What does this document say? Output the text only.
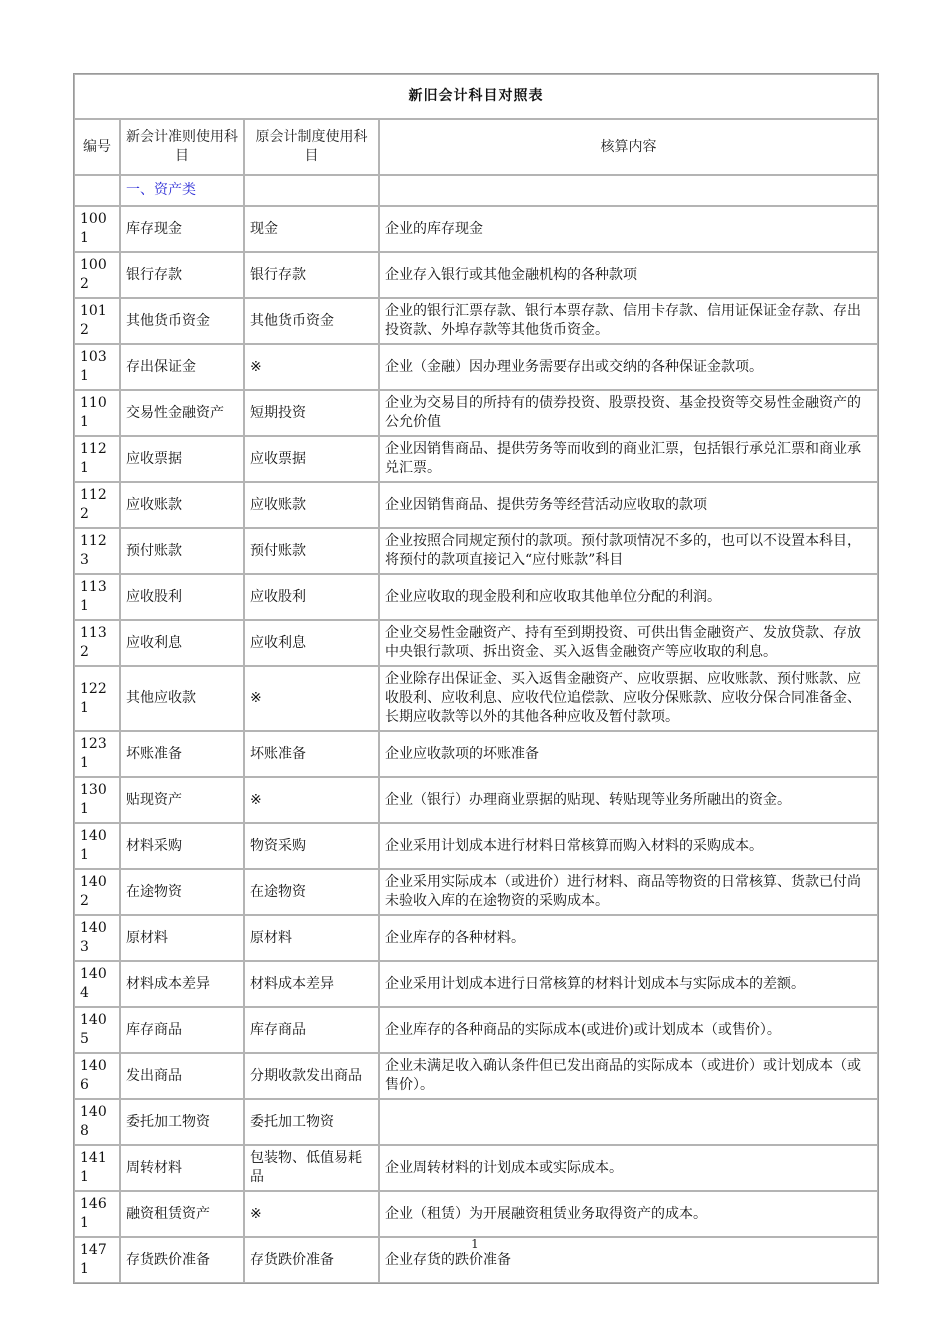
新旧会计科目对照表			
编号	新会计准则使用科目	原会计制度使用科目	核算内容
	一、资产类		
1001	库存现金	现金	企业的库存现金
1002	银行存款	银行存款	企业存入银行或其他金融机构的各种款项
1012	其他货币资金	其他货币资金	企业的银行汇票存款、银行本票存款、信用卡存款、信用证保证金存款、存出投资款、外埠存款等其他货币资金。
1031	存出保证金	※	企业（金融）因办理业务需要存出或交纳的各种保证金款项。
1101	交易性金融资产	短期投资	企业为交易目的所持有的债券投资、股票投资、基金投资等交易性金融资产的公允价值
1121	应收票据	应收票据	企业因销售商品、提供劳务等而收到的商业汇票，包括银行承兑汇票和商业承兑汇票。
1122	应收账款	应收账款	企业因销售商品、提供劳务等经营活动应收取的款项
1123	预付账款	预付账款	企业按照合同规定预付的款项。预付款项情况不多的，也可以不设置本科目，将预付的款项直接记入“应付账款”科目
1131	应收股利	应收股利	企业应收取的现金股利和应收取其他单位分配的利润。
1132	应收利息	应收利息	企业交易性金融资产、持有至到期投资、可供出售金融资产、发放贷款、存放中央银行款项、拆出资金、买入返售金融资产等应收取的利息。
1221	其他应收款	※	企业除存出保证金、买入返售金融资产、应收票据、应收账款、预付账款、应收股利、应收利息、应收代位追偿款、应收分保账款、应收分保合同准备金、长期应收款等以外的其他各种应收及暂付款项。
1231	坏账准备	坏账准备	企业应收款项的坏账准备
1301	贴现资产	※	企业（银行）办理商业票据的贴现、转贴现等业务所融出的资金。
1401	材料采购	物资采购	企业采用计划成本进行材料日常核算而购入材料的采购成本。
1402	在途物资	在途物资	企业采用实际成本（或进价）进行材料、商品等物资的日常核算、货款已付尚未验收入库的在途物资的采购成本。
1403	原材料	原材料	企业库存的各种材料。
1404	材料成本差异	材料成本差异	企业采用计划成本进行日常核算的材料计划成本与实际成本的差额。
1405	库存商品	库存商品	企业库存的各种商品的实际成本(或进价)或计划成本（或售价）。
1406	发出商品	分期收款发出商品	企业未满足收入确认条件但已发出商品的实际成本（或进价）或计划成本（或售价）。
1408	委托加工物资	委托加工物资	
1411	周转材料	包装物、低值易耗品	企业周转材料的计划成本或实际成本。
1461	融资租赁资产	※	企业（租赁）为开展融资租赁业务取得资产的成本。
1471	存货跌价准备	存货跌价准备	企业存货的跌价准备
1
